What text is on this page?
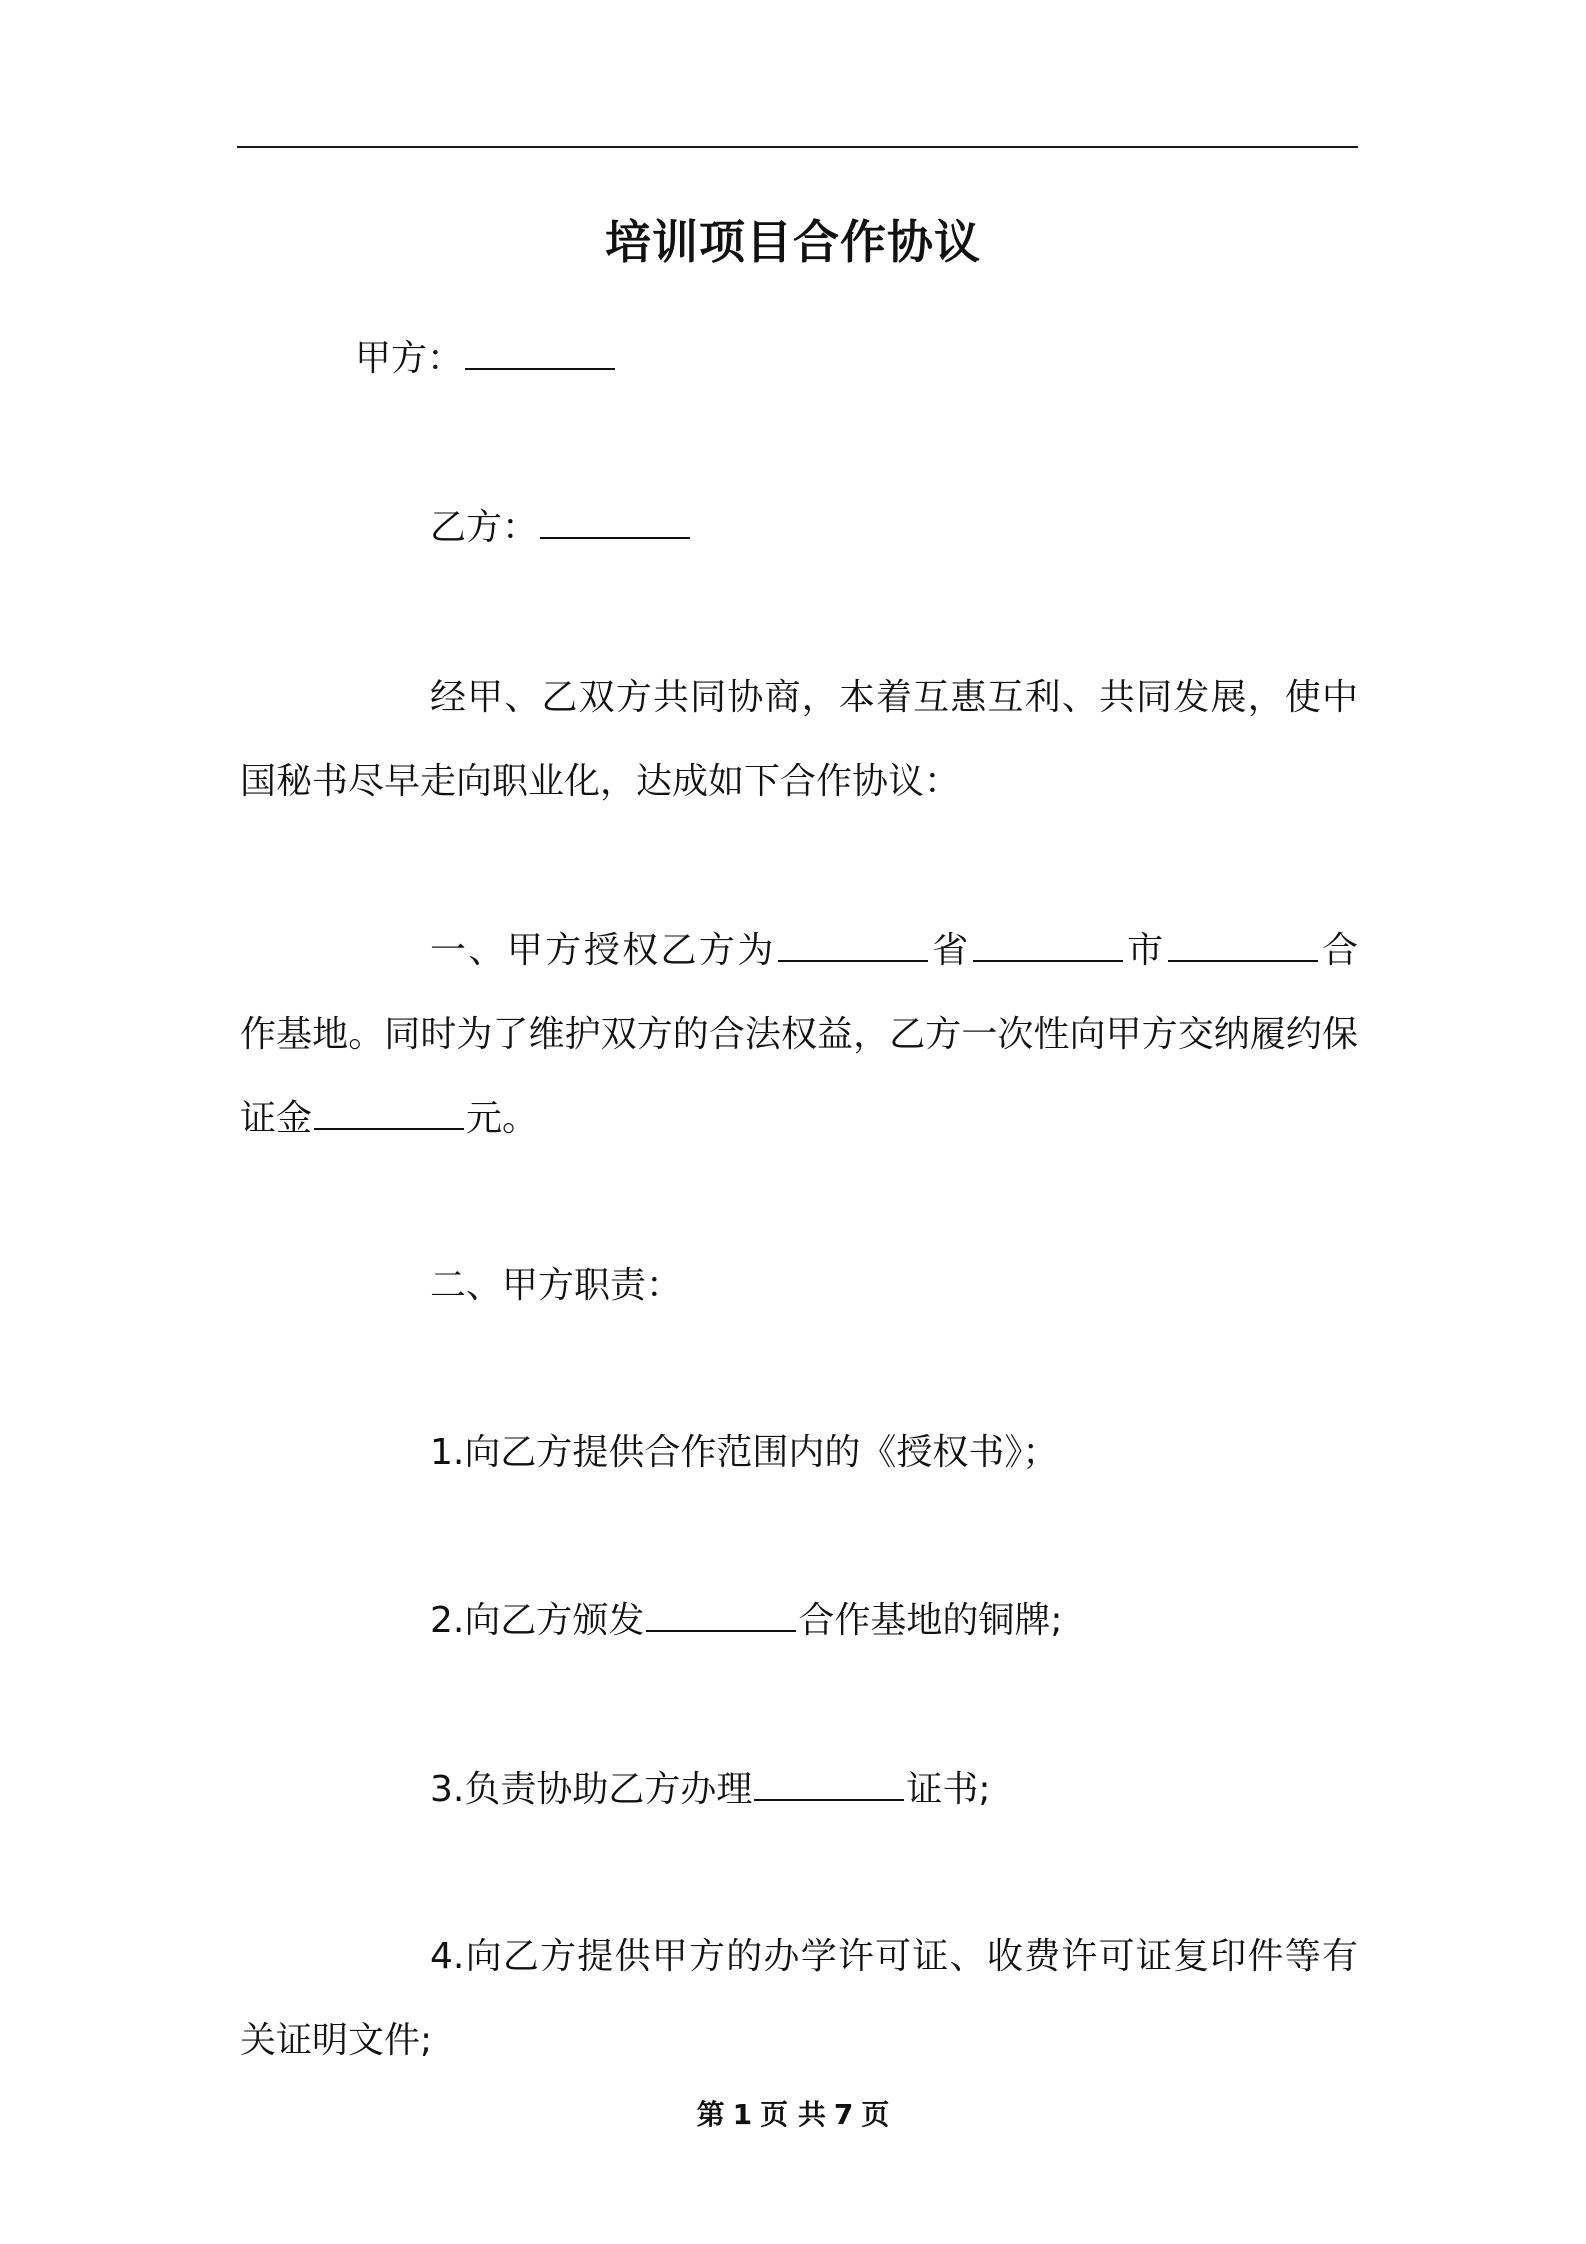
培训项目合作协议

甲方：

乙方：

经甲、乙双方共同协商，本着互惠互利、共同发展，使中国秘书尽早走向职业化，达成如下合作协议：

一、甲方授权乙方为	省	市	合作基地。同时为了维护双方的合法权益，乙方一次性向甲方交纳履约保证金	元。

二、甲方职责：

1.向乙方提供合作范围内的《授权书》；

2.向乙方颁发	合作基地的铜牌;

3.负责协助乙方办理	证书;

4.向乙方提供甲方的办学许可证、收费许可证复印件等有关证明文件;

第 1 页 共 7 页
